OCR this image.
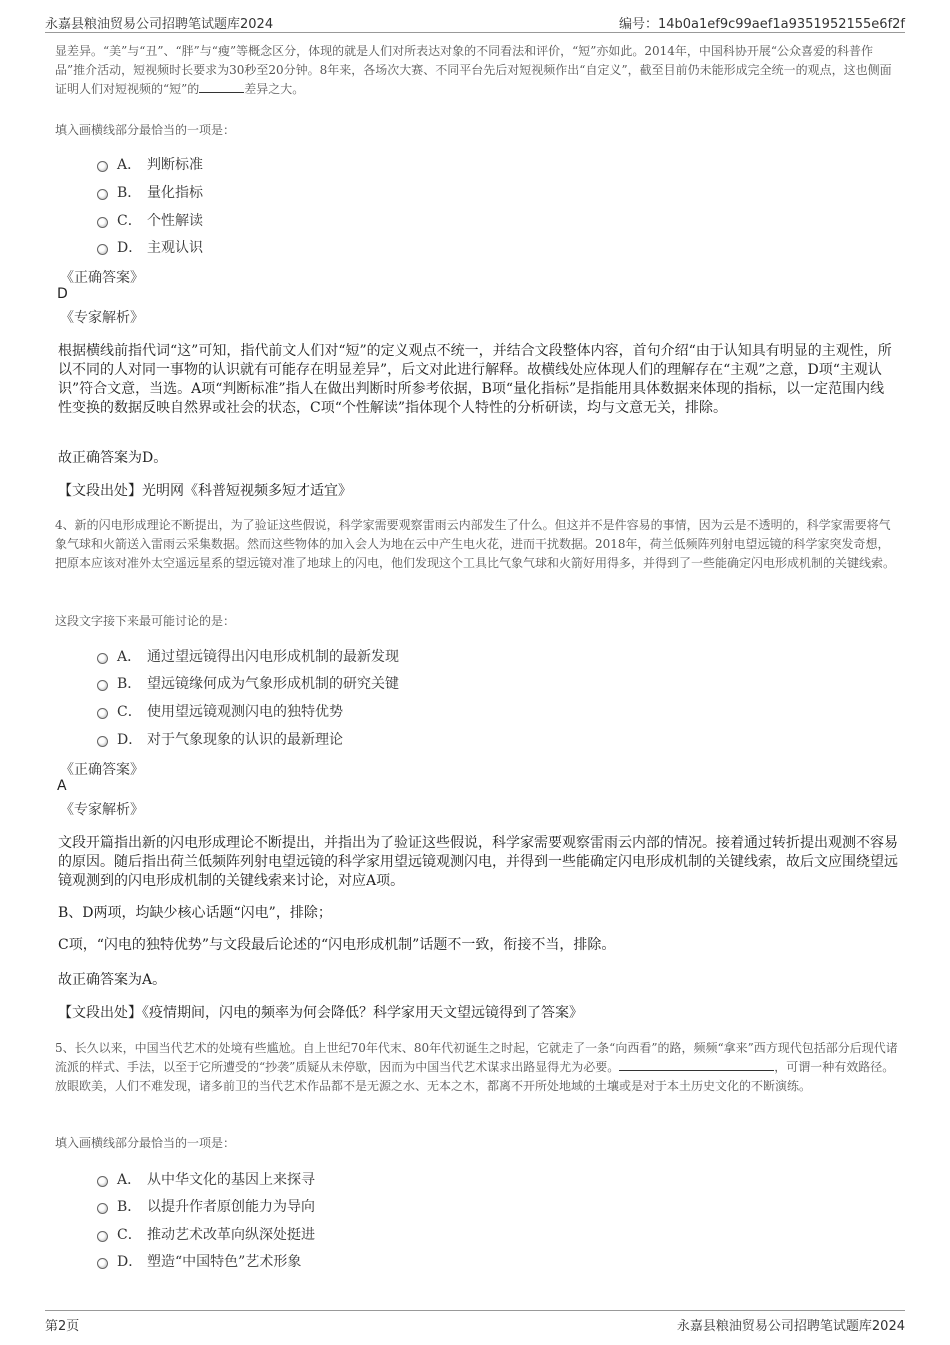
永嘉县粮油贸易公司招聘笔试题库2024	编号：14b0a1ef9c99aef1a9351952155e6f2f
显差异。“美”与“丑”、“胖”与“瘦”等概念区分，体现的就是人们对所表达对象的不同看法和评价，“短”亦如此。2014年，中国科协开展“公众喜爱的科普作品”推介活动，短视频时长要求为30秒至20分钟。8年来，各场次大赛、不同平台先后对短视频作出“自定义”，截至目前仍未能形成完全统一的观点，这也侧面证明人们对短视频的“短”的	差异之大。
填入画横线部分最恰当的一项是：
A． 判断标准
B． 量化指标
C． 个性解读
D． 主观认识
《正确答案》
D
《专家解析》
根据横线前指代词“这”可知，指代前文人们对“短”的定义观点不统一，并结合文段整体内容，首句介绍“由于认知具有明显的主观性，所以不同的人对同一事物的认识就有可能存在明显差异”，后文对此进行解释。故横线处应体现人们的理解存在“主观”之意，D项“主观认识”符合文意，当选。A项“判断标准”指人在做出判断时所参考依据，B项“量化指标”是指能用具体数据来体现的指标，以一定范围内线性变换的数据反映自然界或社会的状态，C项“个性解读”指体现个人特性的分析研读，均与文意无关，排除。
故正确答案为D。
【文段出处】光明网《科普短视频多短才适宜》
4、新的闪电形成理论不断提出，为了验证这些假说，科学家需要观察雷雨云内部发生了什么。但这并不是件容易的事情，因为云是不透明的，科学家需要将气象气球和火箭送入雷雨云采集数据。然而这些物体的加入会人为地在云中产生电火花，进而干扰数据。2018年，荷兰低频阵列射电望远镜的科学家突发奇想，把原本应该对准外太空遥远星系的望远镜对准了地球上的闪电，他们发现这个工具比气象气球和火箭好用得多，并得到了一些能确定闪电形成机制的关键线索。
这段文字接下来最可能讨论的是：
A． 通过望远镜得出闪电形成机制的最新发现
B． 望远镜缘何成为气象形成机制的研究关键
C． 使用望远镜观测闪电的独特优势
D． 对于气象现象的认识的最新理论
《正确答案》
A
《专家解析》
文段开篇指出新的闪电形成理论不断提出，并指出为了验证这些假说，科学家需要观察雷雨云内部的情况。接着通过转折提出观测不容易的原因。随后指出荷兰低频阵列射电望远镜的科学家用望远镜观测闪电，并得到一些能确定闪电形成机制的关键线索，故后文应围绕望远镜观测到的闪电形成机制的关键线索来讨论，对应A项。
B、D两项，均缺少核心话题“闪电”，排除；
C项，“闪电的独特优势”与文段最后论述的“闪电形成机制”话题不一致，衔接不当，排除。
故正确答案为A。
【文段出处】《疫情期间，闪电的频率为何会降低？科学家用天文望远镜得到了答案》
5、长久以来，中国当代艺术的处境有些尴尬。自上世纪70年代末、80年代初诞生之时起，它就走了一条“向西看”的路，频频“拿来”西方现代包括部分后现代诸流派的样式、手法，以至于它所遭受的“抄袭”质疑从未停歇，因而为中国当代艺术谋求出路显得尤为必要。	，可谓一种有效路径。放眼欧美，人们不难发现，诸多前卫的当代艺术作品都不是无源之水、无本之木，都离不开所处地域的土壤或是对于本土历史文化的不断演练。
填入画横线部分最恰当的一项是：
A． 从中华文化的基因上来探寻
B． 以提升作者原创能力为导向
C． 推动艺术改革向纵深处挺进
D． 塑造“中国特色”艺术形象
第2页	永嘉县粮油贸易公司招聘笔试题库2024
